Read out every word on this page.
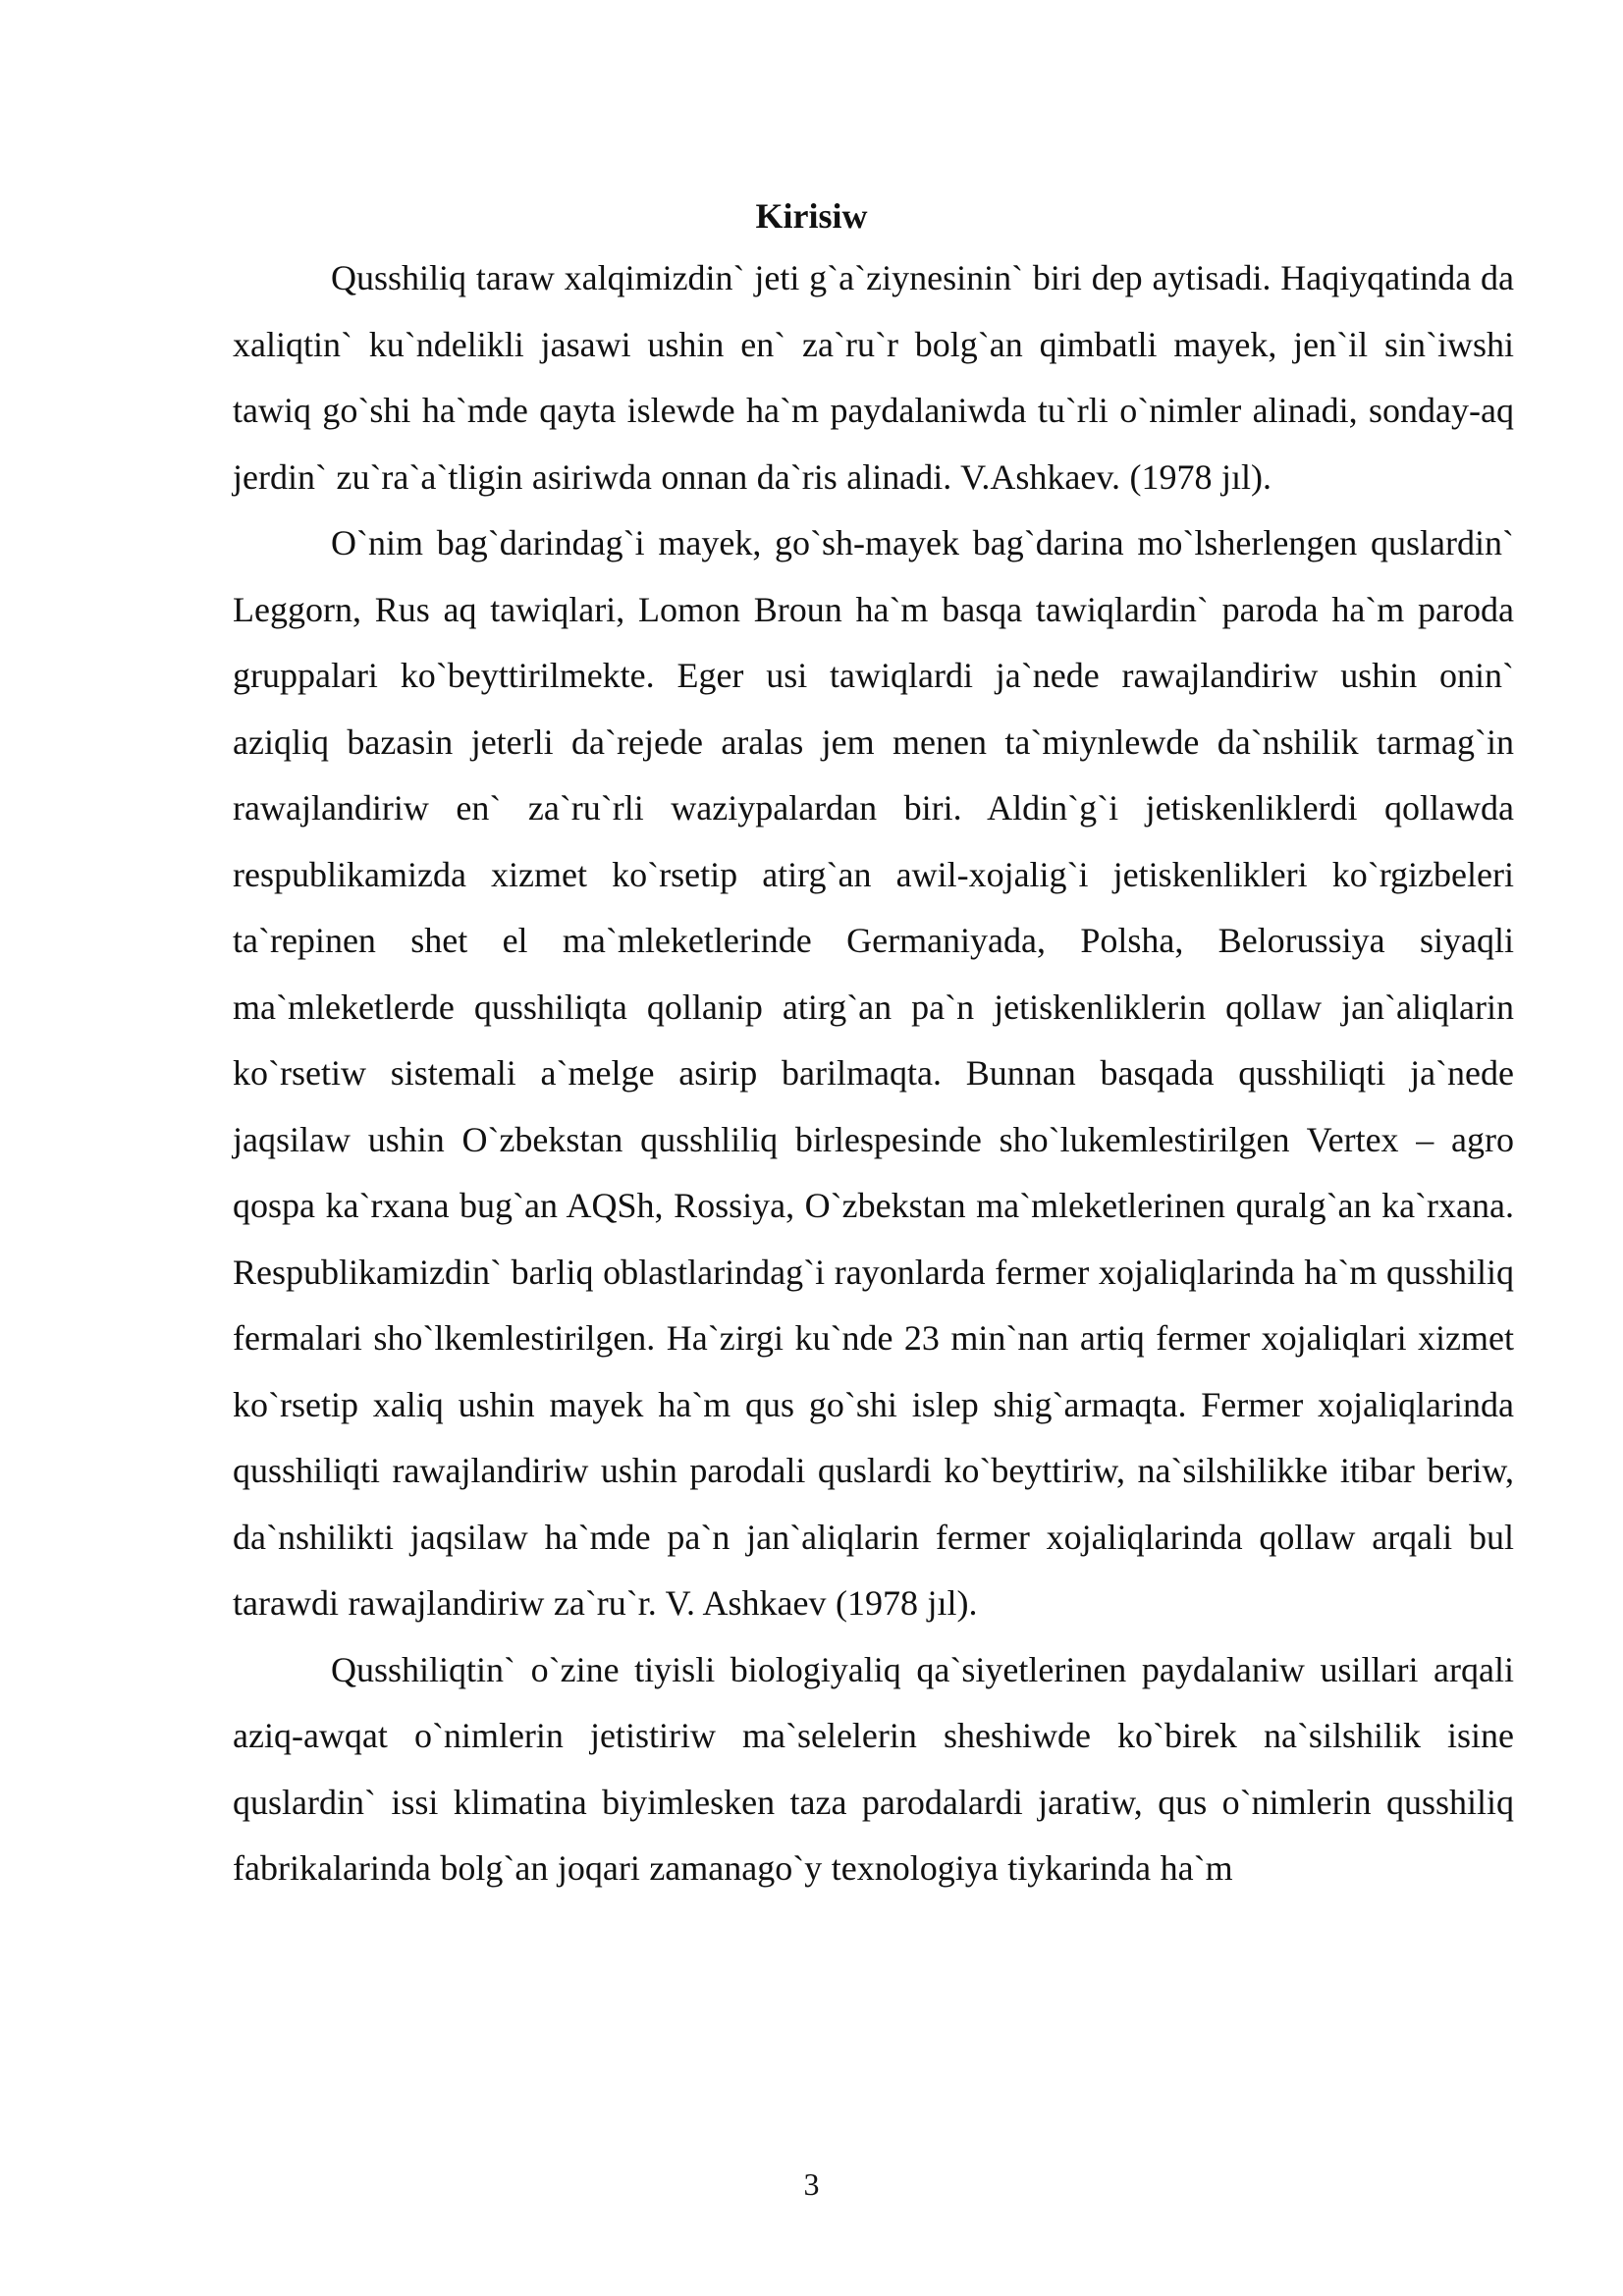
Kirisiw

Qusshiliq taraw xalqimizdin` jeti g`a`ziynesinin` biri dep aytisadi. Haqiyqatinda da xaliqtin` ku`ndelikli jasawi ushin en` za`ru`r bolg`an qimbatli mayek, jen`il sin`iwshi tawiq go`shi ha`mde qayta islewde ha`m paydalaniwda tu`rli o`nimler alinadi, sonday-aq jerdin` zu`ra`a`tligin asiriwda onnan da`ris alinadi. V.Ashkaev. (1978 jıl).

O`nim bag`darindag`i mayek, go`sh-mayek bag`darina mo`lsherlengen quslardin` Leggorn, Rus aq tawiqlari, Lomon Broun ha`m basqa tawiqlardin` paroda ha`m paroda gruppalari ko`beyttirilmekte. Eger usi tawiqlardi ja`nede rawajlandiriw ushin onin` aziqliq bazasin jeterli da`rejede aralas jem menen ta`miynlewde da`nshilik tarmag`in rawajlandiriw en` za`ru`rli waziypalardan biri. Aldin`g`i jetiskenliklerdi qollawda respublikamizda xizmet ko`rsetip atirg`an awil-xojalig`i jetiskenlikleri ko`rgizbeleri ta`repinen shet el ma`mleketlerinde Germaniyada, Polsha, Belorussiya siyaqli ma`mleketlerde qusshiliqta qollanip atirg`an pa`n jetiskenliklerin qollaw jan`aliqlarin ko`rsetiw sistemali a`melge asirip barilmaqta. Bunnan basqada qusshiliqti ja`nede jaqsilaw ushin O`zbekstan qusshliliq birlespesinde sho`lukemlestirilgen Vertex – agro qospa ka`rxana bug`an AQSh, Rossiya, O`zbekstan ma`mleketlerinen quralg`an ka`rxana. Respublikamizdin` barliq oblastlarindag`i rayonlarda fermer xojaliqlarinda ha`m qusshiliq fermalari sho`lkemlestirilgen. Ha`zirgi ku`nde 23 min`nan artiq fermer xojaliqlari xizmet ko`rsetip xaliq ushin mayek ha`m qus go`shi islep shig`armaqta. Fermer xojaliqlarinda qusshiliqti rawajlandiriw ushin parodali quslardi ko`beyttiriw, na`silshilikke itibar beriw, da`nshilikti jaqsilaw ha`mde pa`n jan`aliqlarin fermer xojaliqlarinda qollaw arqali bul tarawdi rawajlandiriw za`ru`r. V. Ashkaev (1978 jıl).

Qusshiliqtin` o`zine tiyisli biologiyaliq qa`siyetlerinen paydalaniw usillari arqali aziq-awqat o`nimlerin jetistiriw ma`selelerin sheshiwde ko`birek na`silshilik isine quslardin` issi klimatina biyimlesken taza parodalardi jaratiw, qus o`nimlerin qusshiliq fabrikalarinda bolg`an joqari zamanago`y texnologiya tiykarinda ha`m

3
